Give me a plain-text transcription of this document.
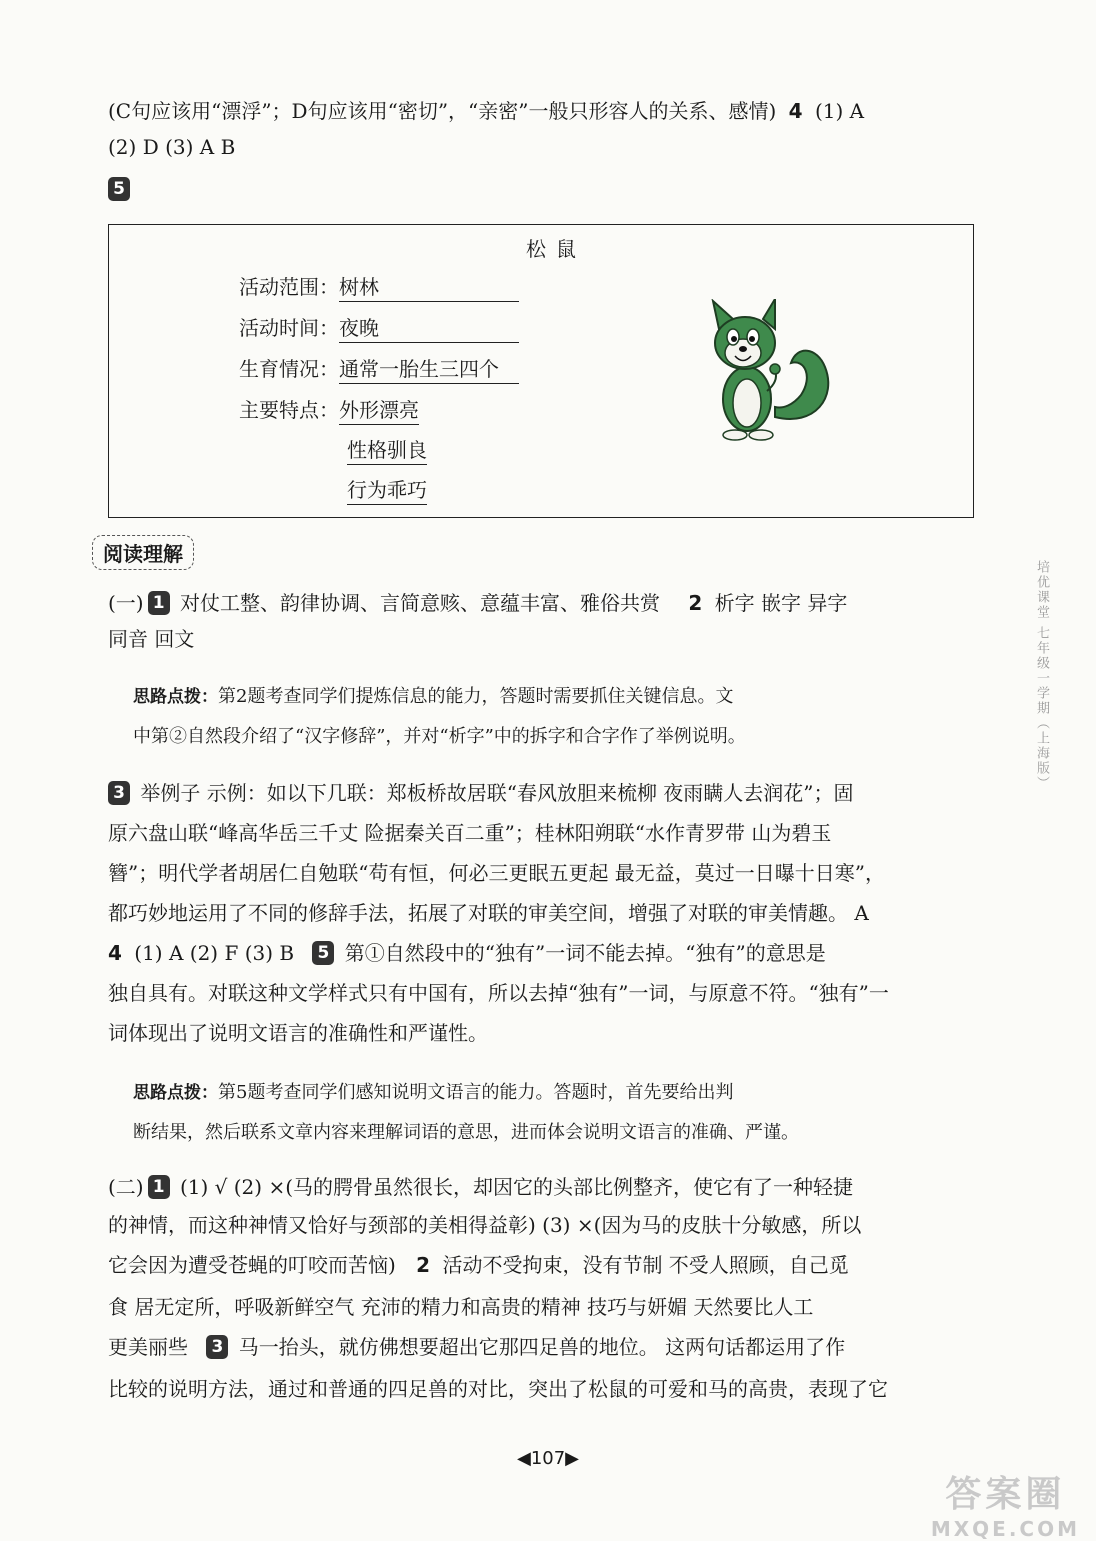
(C句应该用“漂浮”；D句应该用“密切”，“亲密”一般只形容人的关系、感情) 4 (1) A
(2) D (3) A B
5
松鼠
活动范围：树林
活动时间：夜晚
生育情况：通常一胎生三四个
主要特点：外形漂亮
性格驯良
行为乖巧
阅读理解
(一) 1 对仗工整、韵律协调、言简意赅、意蕴丰富、雅俗共赏 2 析字 嵌字 异字
同音 回文
思路点拨：第2题考查同学们提炼信息的能力，答题时需要抓住关键信息。文
中第②自然段介绍了“汉字修辞”，并对“析字”中的拆字和合字作了举例说明。
3 举例子 示例：如以下几联：郑板桥故居联“春风放胆来梳柳 夜雨瞒人去润花”；固
原六盘山联“峰高华岳三千丈 险据秦关百二重”；桂林阳朔联“水作青罗带 山为碧玉
簪”；明代学者胡居仁自勉联“苟有恒，何必三更眠五更起 最无益，莫过一日曝十日寒”，
都巧妙地运用了不同的修辞手法，拓展了对联的审美空间，增强了对联的审美情趣。 A
4 (1) A (2) F (3) B 5 第①自然段中的“独有”一词不能去掉。“独有”的意思是
独自具有。对联这种文学样式只有中国有，所以去掉“独有”一词，与原意不符。“独有”一
词体现出了说明文语言的准确性和严谨性。
思路点拨：第5题考查同学们感知说明文语言的能力。答题时，首先要给出判
断结果，然后联系文章内容来理解词语的意思，进而体会说明文语言的准确、严谨。
(二) 1 (1) √ (2) ×(马的腭骨虽然很长，却因它的头部比例整齐，使它有了一种轻捷
的神情，而这种神情又恰好与颈部的美相得益彰) (3) ×(因为马的皮肤十分敏感，所以
它会因为遭受苍蝇的叮咬而苦恼) 2 活动不受拘束，没有节制 不受人照顾，自己觅
食 居无定所，呼吸新鲜空气 充沛的精力和高贵的精神 技巧与妍媚 天然要比人工
更美丽些 3 马一抬头，就仿佛想要超出它那四足兽的地位。 这两句话都运用了作
比较的说明方法，通过和普通的四足兽的对比，突出了松鼠的可爱和马的高贵，表现了它
◀107▶
培优课堂 七年级一学期（上海版）
答案圈
MXQE.COM
